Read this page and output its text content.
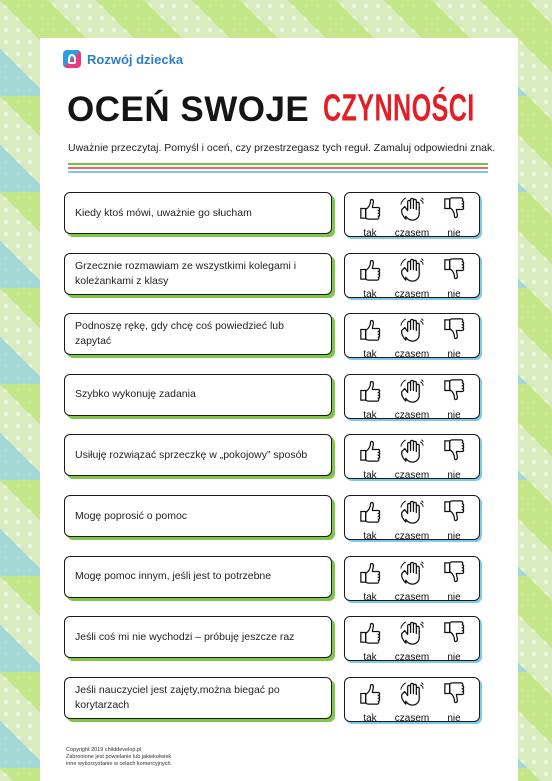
Rozwój dziecka
OCEŃ SWOJE CZYNNOŚCI
Uważnie przeczytaj. Pomyśl i oceń, czy przestrzegasz tych reguł. Zamaluj odpowiedni znak.
Kiedy ktoś mówi, uważnie go słucham
tak czasem nie
Grzecznie rozmawiam ze wszystkimi kolegami i koleżankami z klasy
tak czasem nie
Podnoszę rękę, gdy chcę coś powiedzieć lub zapytać
tak czasem nie
Szybko wykonuję zadania
tak czasem nie
Usiłuję rozwiązać sprzeczkę w „pokojowy” sposób
tak czasem nie
Mogę poprosić o pomoc
tak czasem nie
Mogę pomoc innym, jeśli jest to potrzebne
tak czasem nie
Jeśli coś mi nie wychodzi – próbuję jeszcze raz
tak czasem nie
Jeśli nauczyciel jest zajęty,można biegać po korytarzach
tak czasem nie
Copyright 2019 childdevelop.pl
Zabronione jest powielanie lub jakiekolwiek
inne wykorzystanie w celach komercyjnych.
